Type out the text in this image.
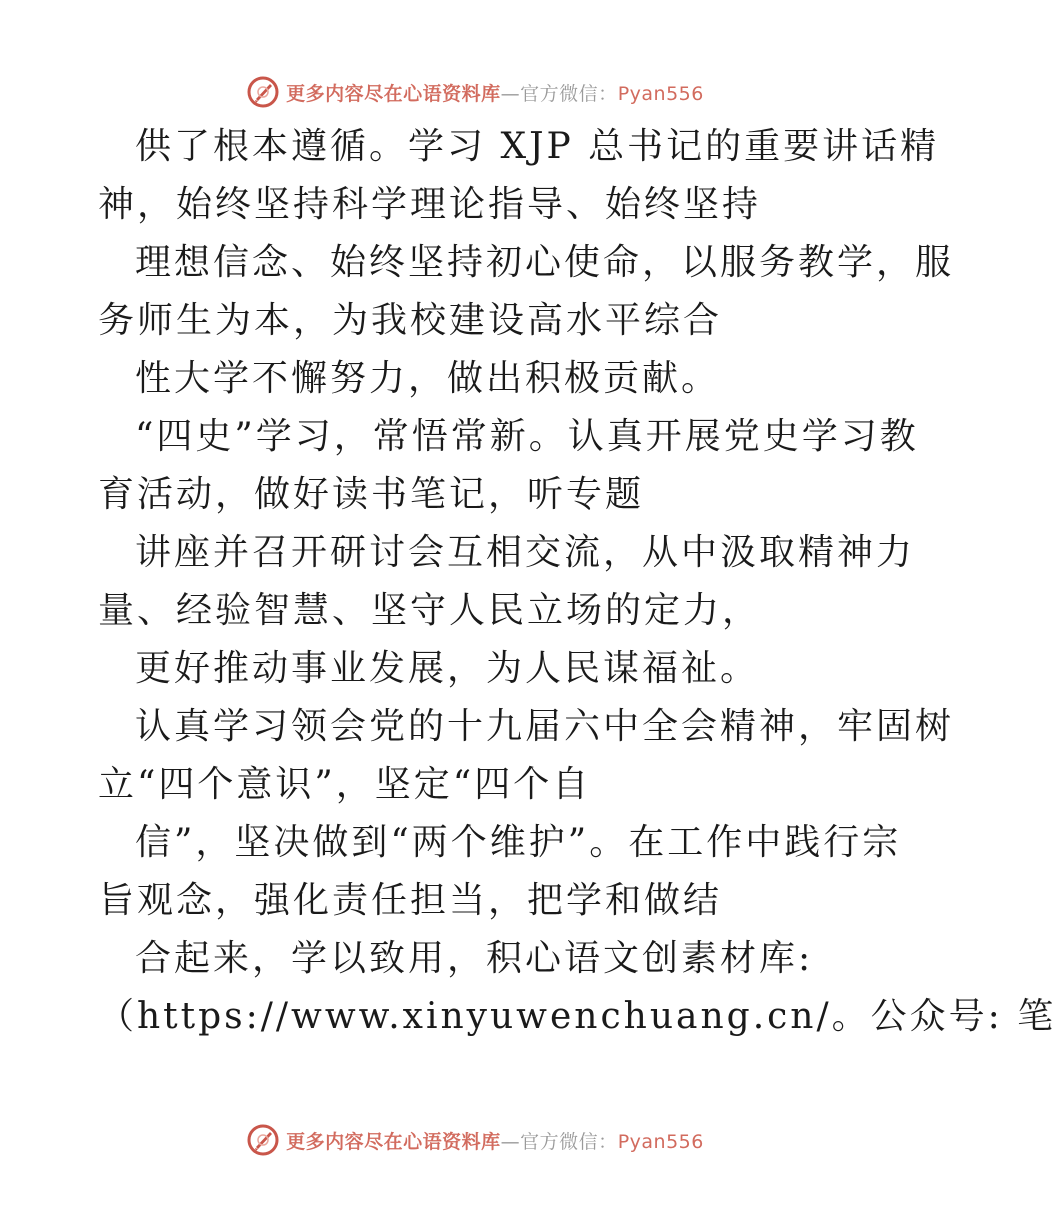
更多内容尽在心语资料库—官方微信：Pyan556
供了根本遵循。学习 XJP 总书记的重要讲话精
神，始终坚持科学理论指导、始终坚持
理想信念、始终坚持初心使命，以服务教学，服
务师生为本，为我校建设高水平综合
性大学不懈努力，做出积极贡献。
“四史”学习，常悟常新。认真开展党史学习教
育活动，做好读书笔记，听专题
讲座并召开研讨会互相交流，从中汲取精神力
量、经验智慧、坚守人民立场的定力，
更好推动事业发展，为人民谋福祉。
认真学习领会党的十九届六中全会精神，牢固树
立“四个意识”，坚定“四个自
信”，坚决做到“两个维护”。在工作中践行宗
旨观念，强化责任担当，把学和做结
合起来，学以致用，积心语文创素材库:
（https://www.xinyuwenchuang.cn/。公众号: 笔
更多内容尽在心语资料库—官方微信：Pyan556
